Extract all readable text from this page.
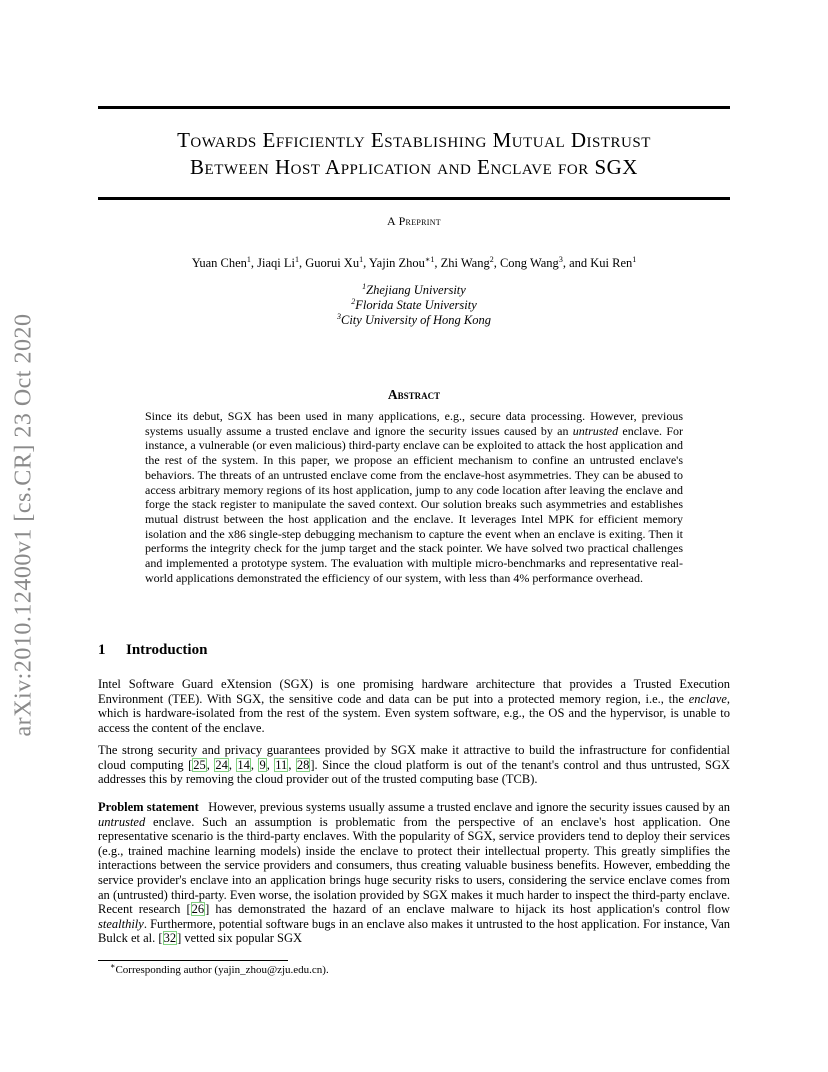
arXiv:2010.12400v1 [cs.CR] 23 Oct 2020
Towards Efficiently Establishing Mutual Distrust
Between Host Application and Enclave for SGX
A Preprint
Yuan Chen$^1$, Jiaqi Li$^1$, Guorui Xu$^1$, Yajin Zhou$^{∗1}$, Zhi Wang$^2$, Cong Wang$^3$, and Kui Ren$^1$
$^1$Zhejiang University
$^2$Florida State University
$^3$City University of Hong Kong
Abstract
Since its debut, SGX has been used in many applications, e.g., secure data processing. However, previous systems usually assume a trusted enclave and ignore the security issues caused by an untrusted enclave. For instance, a vulnerable (or even malicious) third-party enclave can be exploited to attack the host application and the rest of the system. In this paper, we propose an efficient mechanism to confine an untrusted enclave's behaviors. The threats of an untrusted enclave come from the enclave-host asymmetries. They can be abused to access arbitrary memory regions of its host application, jump to any code location after leaving the enclave and forge the stack register to manipulate the saved context. Our solution breaks such asymmetries and establishes mutual distrust between the host application and the enclave. It leverages Intel MPK for efficient memory isolation and the x86 single-step debugging mechanism to capture the event when an enclave is exiting. Then it performs the integrity check for the jump target and the stack pointer. We have solved two practical challenges and implemented a prototype system. The evaluation with multiple micro-benchmarks and representative real-world applications demonstrated the efficiency of our system, with less than 4% performance overhead.
1 Introduction
Intel Software Guard eXtension (SGX) is one promising hardware architecture that provides a Trusted Execution Environment (TEE). With SGX, the sensitive code and data can be put into a protected memory region, i.e., the enclave, which is hardware-isolated from the rest of the system. Even system software, e.g., the OS and the hypervisor, is unable to access the content of the enclave.
The strong security and privacy guarantees provided by SGX make it attractive to build the infrastructure for confidential cloud computing [25, 24, 14, 9, 11, 28]. Since the cloud platform is out of the tenant's control and thus untrusted, SGX addresses this by removing the cloud provider out of the trusted computing base (TCB).
Problem statement However, previous systems usually assume a trusted enclave and ignore the security issues caused by an untrusted enclave. Such an assumption is problematic from the perspective of an enclave's host application. One representative scenario is the third-party enclaves. With the popularity of SGX, service providers tend to deploy their services (e.g., trained machine learning models) inside the enclave to protect their intellectual property. This greatly simplifies the interactions between the service providers and consumers, thus creating valuable business benefits. However, embedding the service provider's enclave into an application brings huge security risks to users, considering the service enclave comes from an (untrusted) third-party. Even worse, the isolation provided by SGX makes it much harder to inspect the third-party enclave. Recent research [26] has demonstrated the hazard of an enclave malware to hijack its host application's control flow stealthily. Furthermore, potential software bugs in an enclave also makes it untrusted to the host application. For instance, Van Bulck et al. [32] vetted six popular SGX
∗Corresponding author (yajin_zhou@zju.edu.cn).
